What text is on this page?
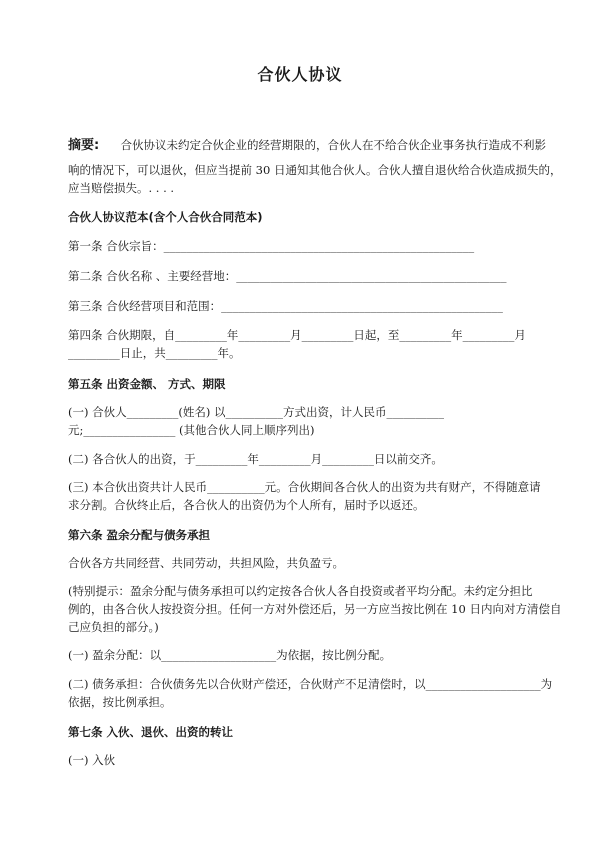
合伙人协议
摘要: 合伙协议未约定合伙企业的经营期限的，合伙人在不给合伙企业事务执行造成不利影
响的情况下，可以退伙，但应当提前 30 日通知其他合伙人。合伙人擅自退伙给合伙造成损失的，
应当赔偿损失。. . . .
合伙人协议范本(含个人合伙合同范本)
第一条 合伙宗旨：______________________________________________________
第二条 合伙名称 、主要经营地：_______________________________________________
第三条 合伙经营项目和范围：_________________________________________________
第四条 合伙期限，自_________年_________月_________日起，至_________年_________月
_________日止，共_________年。
第五条 出资金额、 方式、期限
(一) 合伙人_________(姓名) 以__________方式出资，计人民币__________
元;________________ (其他合伙人同上顺序列出)
(二) 各合伙人的出资，于_________年_________月_________日以前交齐。
(三) 本合伙出资共计人民币__________元。合伙期间各合伙人的出资为共有财产，不得随意请
求分割。合伙终止后，各合伙人的出资仍为个人所有，届时予以返还。
第六条 盈余分配与债务承担
合伙各方共同经营、共同劳动，共担风险，共负盈亏。
(特别提示：盈余分配与债务承担可以约定按各合伙人各自投资或者平均分配。未约定分担比
例的，由各合伙人按投资分担。任何一方对外偿还后，另一方应当按比例在 10 日内向对方清偿自
己应负担的部分。)
(一) 盈余分配：以____________________为依据，按比例分配。
(二) 债务承担：合伙债务先以合伙财产偿还，合伙财产不足清偿时，以____________________为
依据，按比例承担。
第七条 入伙、退伙、出资的转让
(一) 入伙
